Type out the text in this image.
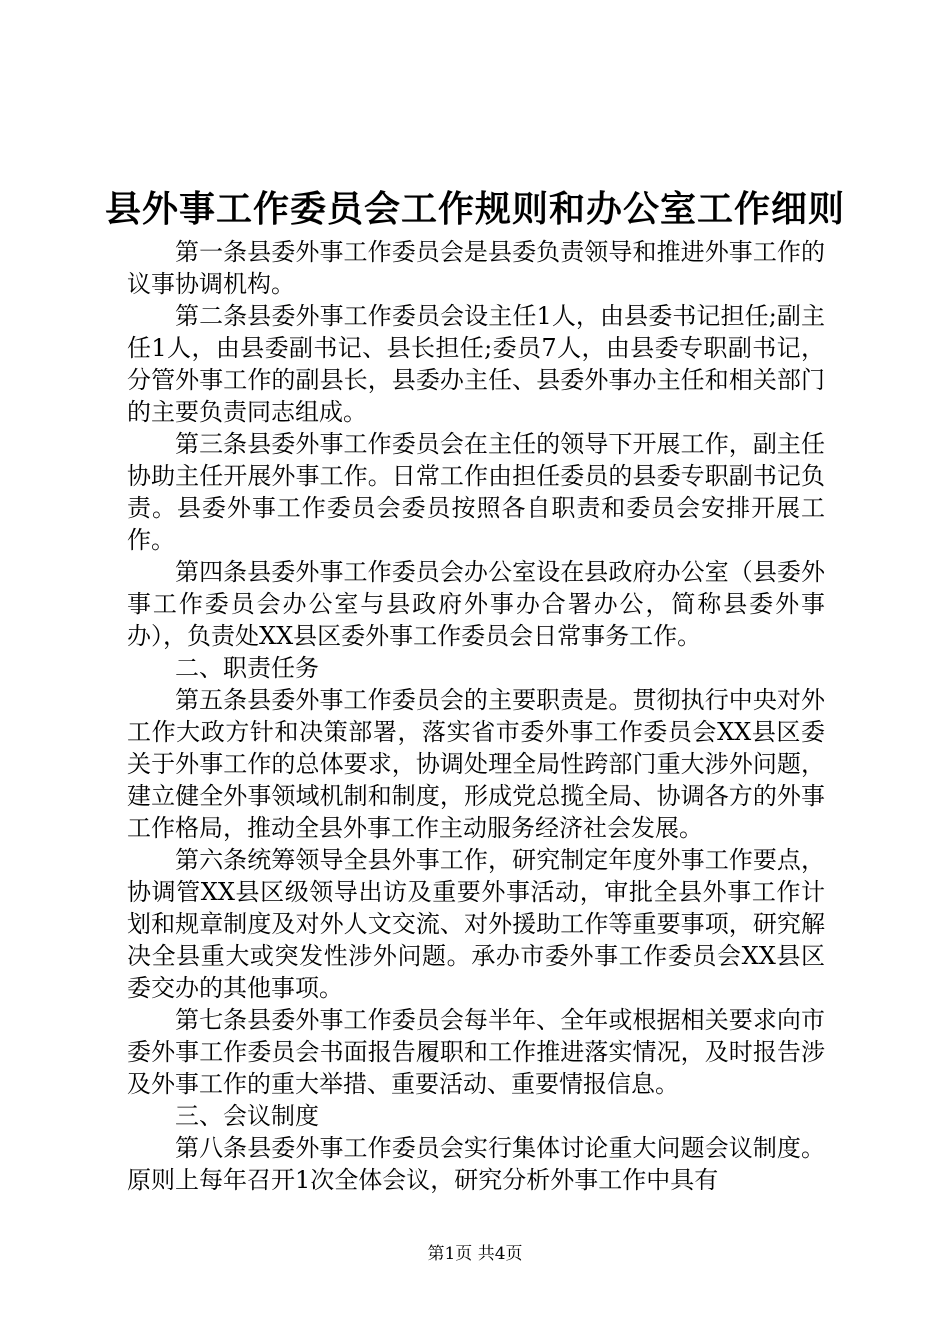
县外事工作委员会工作规则和办公室工作细则

第一条县委外事工作委员会是县委负责领导和推进外事工作的议事协调机构。

第二条县委外事工作委员会设主任1人，由县委书记担任;副主任1人，由县委副书记、县长担任;委员7人，由县委专职副书记，分管外事工作的副县长，县委办主任、县委外事办主任和相关部门的主要负责同志组成。

第三条县委外事工作委员会在主任的领导下开展工作，副主任协助主任开展外事工作。日常工作由担任委员的县委专职副书记负责。县委外事工作委员会委员按照各自职责和委员会安排开展工作。

第四条县委外事工作委员会办公室设在县政府办公室（县委外事工作委员会办公室与县政府外事办合署办公，简称县委外事办），负责处XX县区委外事工作委员会日常事务工作。

二、职责任务

第五条县委外事工作委员会的主要职责是。贯彻执行中央对外工作大政方针和决策部署，落实省市委外事工作委员会XX县区委关于外事工作的总体要求，协调处理全局性跨部门重大涉外问题，建立健全外事领域机制和制度，形成党总揽全局、协调各方的外事工作格局，推动全县外事工作主动服务经济社会发展。

第六条统筹领导全县外事工作，研究制定年度外事工作要点，协调管XX县区级领导出访及重要外事活动，审批全县外事工作计划和规章制度及对外人文交流、对外援助工作等重要事项，研究解决全县重大或突发性涉外问题。承办市委外事工作委员会XX县区委交办的其他事项。

第七条县委外事工作委员会每半年、全年或根据相关要求向市委外事工作委员会书面报告履职和工作推进落实情况，及时报告涉及外事工作的重大举措、重要活动、重要情报信息。

三、会议制度

第八条县委外事工作委员会实行集体讨论重大问题会议制度。原则上每年召开1次全体会议，研究分析外事工作中具有

第1页 共4页
